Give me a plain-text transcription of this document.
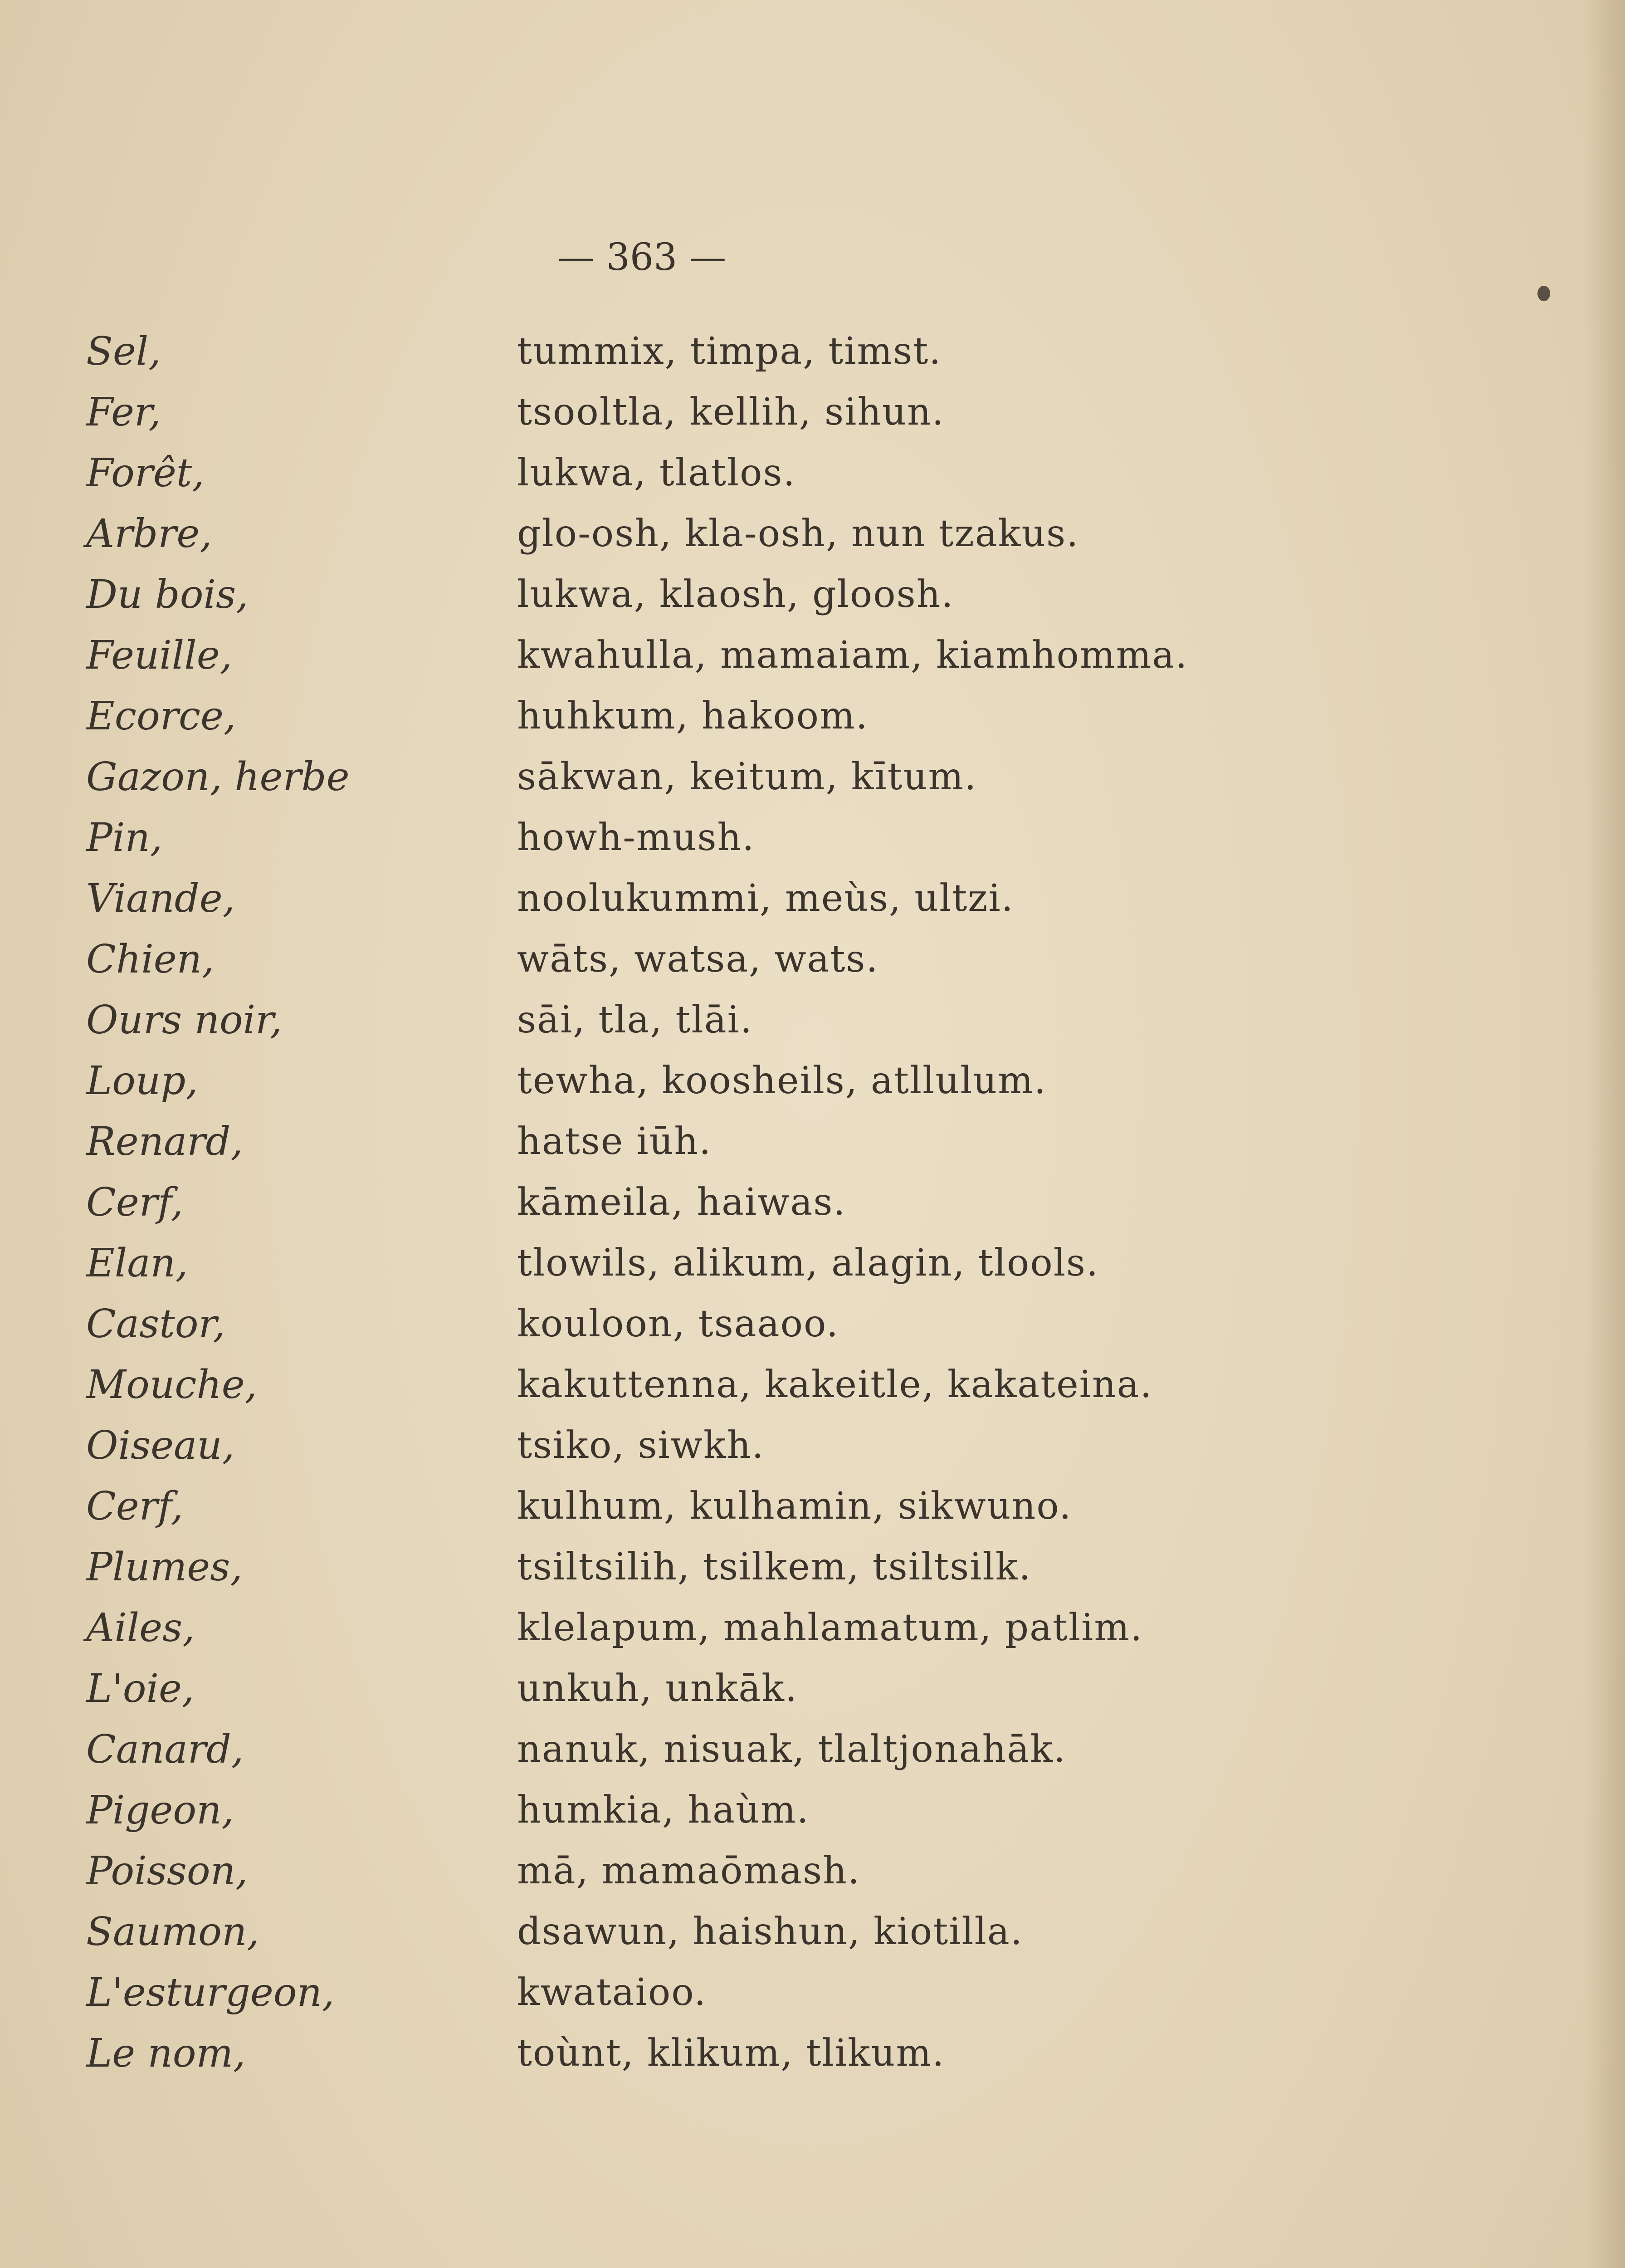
— 363 —
Sel,	tummix, timpa, timst.
Fer,	tsooltla, kellih, sihun.
Forêt,	lukwa, tlatlos.
Arbre,	glo-osh, kla-osh, nun tzakus.
Du bois,	lukwa, klaosh, gloosh.
Feuille,	kwahulla, mamaiam, kiamhomma.
Ecorce,	huhkum, hakoom.
Gazon, herbe	sākwan, keitum, kītum.
Pin,	howh-mush.
Viande,	noolukummi, meùs, ultzi.
Chien,	wāts, watsa, wats.
Ours noir,	sāi, tla, tlāi.
Loup,	tewha, koosheils, atllulum.
Renard,	hatse iūh.
Cerf,	kāmeila, haiwas.
Elan,	tlowils, alikum, alagin, tlools.
Castor,	kouloon, tsaaoo.
Mouche,	kakuttenna, kakeitle, kakateina.
Oiseau,	tsiko, siwkh.
Cerf,	kulhum, kulhamin, sikwuno.
Plumes,	tsiltsilih, tsilkem, tsiltsilk.
Ailes,	klelapum, mahlamatum, patlim.
L'oie,	unkuh, unkāk.
Canard,	nanuk, nisuak, tlaltjonahāk.
Pigeon,	humkia, haùm.
Poisson,	mā, mamaōmash.
Saumon,	dsawun, haishun, kiotilla.
L'esturgeon,	kwataioo.
Le nom,	toùnt, klikum, tlikum.
